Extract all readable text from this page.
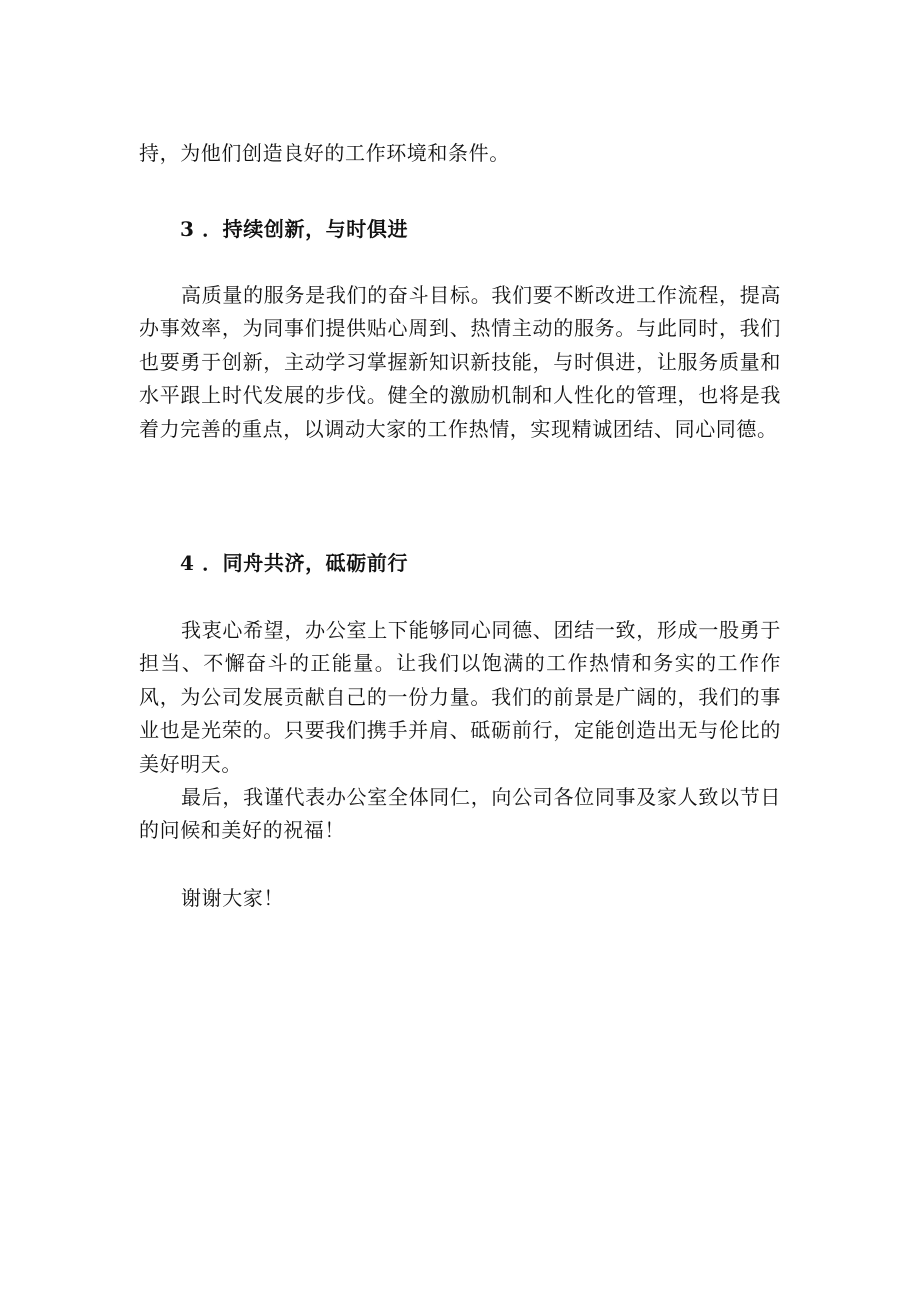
持，为他们创造良好的工作环境和条件。

3 ．持续创新，与时俱进

高质量的服务是我们的奋斗目标。我们要不断改进工作流程，提高办事效率，为同事们提供贴心周到、热情主动的服务。与此同时，我们也要勇于创新，主动学习掌握新知识新技能，与时俱进，让服务质量和水平跟上时代发展的步伐。健全的激励机制和人性化的管理，也将是我着力完善的重点，以调动大家的工作热情，实现精诚团结、同心同德。

4 ．同舟共济，砥砺前行

我衷心希望，办公室上下能够同心同德、团结一致，形成一股勇于担当、不懈奋斗的正能量。让我们以饱满的工作热情和务实的工作作风，为公司发展贡献自己的一份力量。我们的前景是广阔的，我们的事业也是光荣的。只要我们携手并肩、砥砺前行，定能创造出无与伦比的美好明天。

最后，我谨代表办公室全体同仁，向公司各位同事及家人致以节日的问候和美好的祝福！

谢谢大家！
